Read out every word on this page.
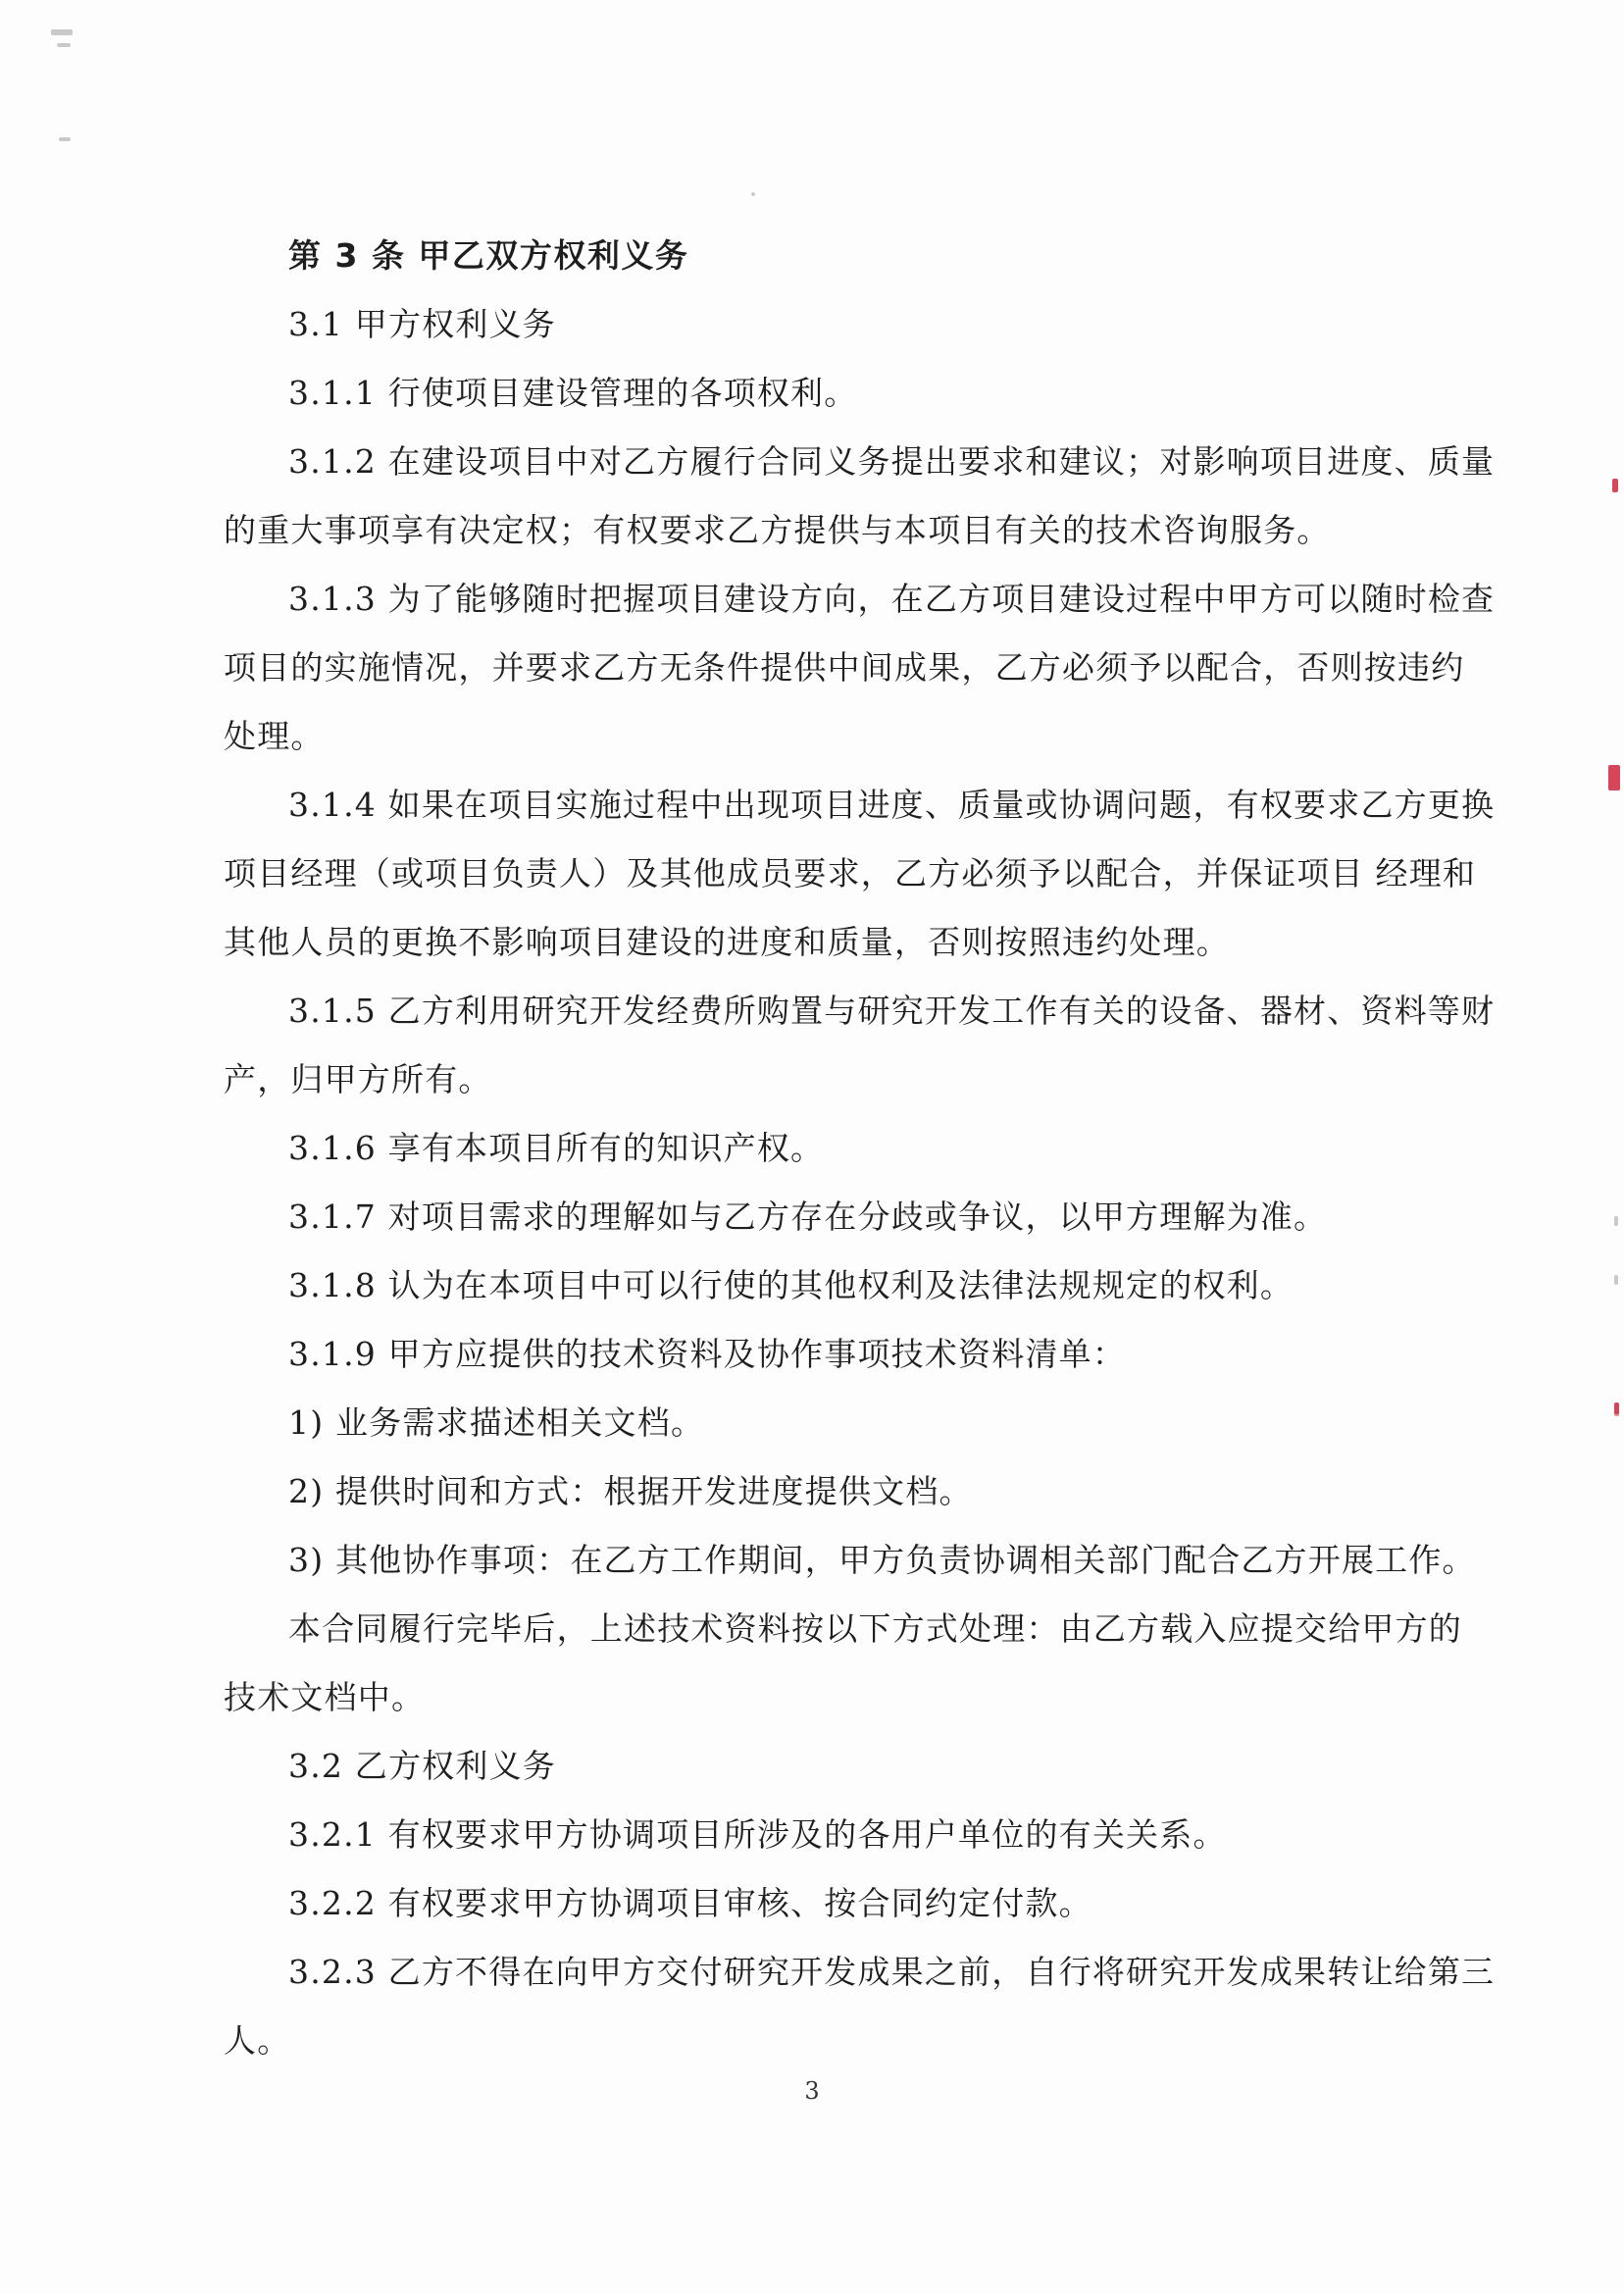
第 3 条 甲乙双方权利义务

3.1 甲方权利义务

3.1.1 行使项目建设管理的各项权利。

3.1.2 在建设项目中对乙方履行合同义务提出要求和建议；对影响项目进度、质量

的重大事项享有决定权；有权要求乙方提供与本项目有关的技术咨询服务。

3.1.3 为了能够随时把握项目建设方向，在乙方项目建设过程中甲方可以随时检查

项目的实施情况，并要求乙方无条件提供中间成果，乙方必须予以配合，否则按违约

处理。

3.1.4 如果在项目实施过程中出现项目进度、质量或协调问题，有权要求乙方更换

项目经理（或项目负责人）及其他成员要求，乙方必须予以配合，并保证项目 经理和

其他人员的更换不影响项目建设的进度和质量，否则按照违约处理。

3.1.5 乙方利用研究开发经费所购置与研究开发工作有关的设备、器材、资料等财

产，归甲方所有。

3.1.6 享有本项目所有的知识产权。

3.1.7 对项目需求的理解如与乙方存在分歧或争议，以甲方理解为准。

3.1.8 认为在本项目中可以行使的其他权利及法律法规规定的权利。

3.1.9 甲方应提供的技术资料及协作事项技术资料清单：

1) 业务需求描述相关文档。

2) 提供时间和方式：根据开发进度提供文档。

3) 其他协作事项：在乙方工作期间，甲方负责协调相关部门配合乙方开展工作。

本合同履行完毕后，上述技术资料按以下方式处理：由乙方载入应提交给甲方的

技术文档中。

3.2 乙方权利义务

3.2.1 有权要求甲方协调项目所涉及的各用户单位的有关关系。

3.2.2 有权要求甲方协调项目审核、按合同约定付款。

3.2.3 乙方不得在向甲方交付研究开发成果之前，自行将研究开发成果转让给第三

人。

3
